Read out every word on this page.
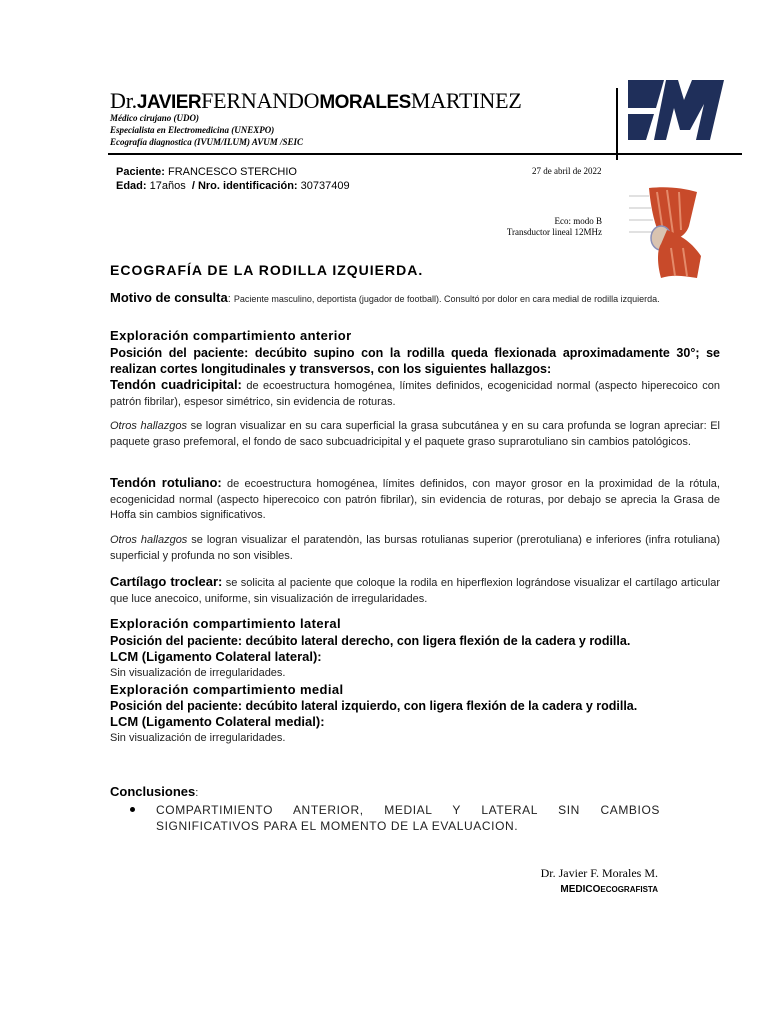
Dr.JAVIERFERNANDOMORALESMARTINEZ
Médico cirujano (UDO)
Especialista en Electromedicina (UNEXPO)
Ecografía diagnostica (IVUM/ILUM) AVUM /SEIC
Paciente: FRANCESCO STERCHIO
Edad: 17años / Nro. identificación: 30737409
27 de abril de 2022
Eco: modo B
Transductor lineal 12MHz
ECOGRAFÍA DE LA RODILLA IZQUIERDA.
Motivo de consulta: Paciente masculino, deportista (jugador de football). Consultó por dolor en cara medial de rodilla izquierda.
Exploración compartimiento anterior
Posición del paciente: decúbito supino con la rodilla queda flexionada aproximadamente 30°; se realizan cortes longitudinales y transversos, con los siguientes hallazgos:
Tendón cuadricipital: de ecoestructura homogénea, límites definidos, ecogenicidad normal (aspecto hiperecoico con patrón fibrilar), espesor simétrico, sin evidencia de roturas.
Otros hallazgos se logran visualizar en su cara superficial la grasa subcutánea y en su cara profunda se logran apreciar: El paquete graso prefemoral, el fondo de saco subcuadricipital y el paquete graso suprarotuliano sin cambios patológicos.
Tendón rotuliano: de ecoestructura homogénea, límites definidos, con mayor grosor en la proximidad de la rótula, ecogenicidad normal (aspecto hiperecoico con patrón fibrilar), sin evidencia de roturas, por debajo se aprecia la Grasa de Hoffa sin cambios significativos.
Otros hallazgos se logran visualizar el paratendòn, las bursas rotulianas superior (prerotuliana) e inferiores (infra rotuliana) superficial y profunda no son visibles.
Cartílago troclear: se solicita al paciente que coloque la rodila en hiperflexion lográndose visualizar el cartílago articular que luce anecoico, uniforme, sin visualización de irregularidades.
Exploración compartimiento lateral
Posición del paciente: decúbito lateral derecho, con ligera flexión de la cadera y rodilla.
LCM (Ligamento Colateral lateral):
Sin visualización de irregularidades.
Exploración compartimiento medial
Posición del paciente: decúbito lateral izquierdo, con ligera flexión de la cadera y rodilla.
LCM (Ligamento Colateral medial):
Sin visualización de irregularidades.
Conclusiones:
COMPARTIMIENTO ANTERIOR, MEDIAL Y LATERAL SIN CAMBIOS SIGNIFICATIVOS PARA EL MOMENTO DE LA EVALUACION.
Dr. Javier F. Morales M.
MEDICOECOGRAFISTA
